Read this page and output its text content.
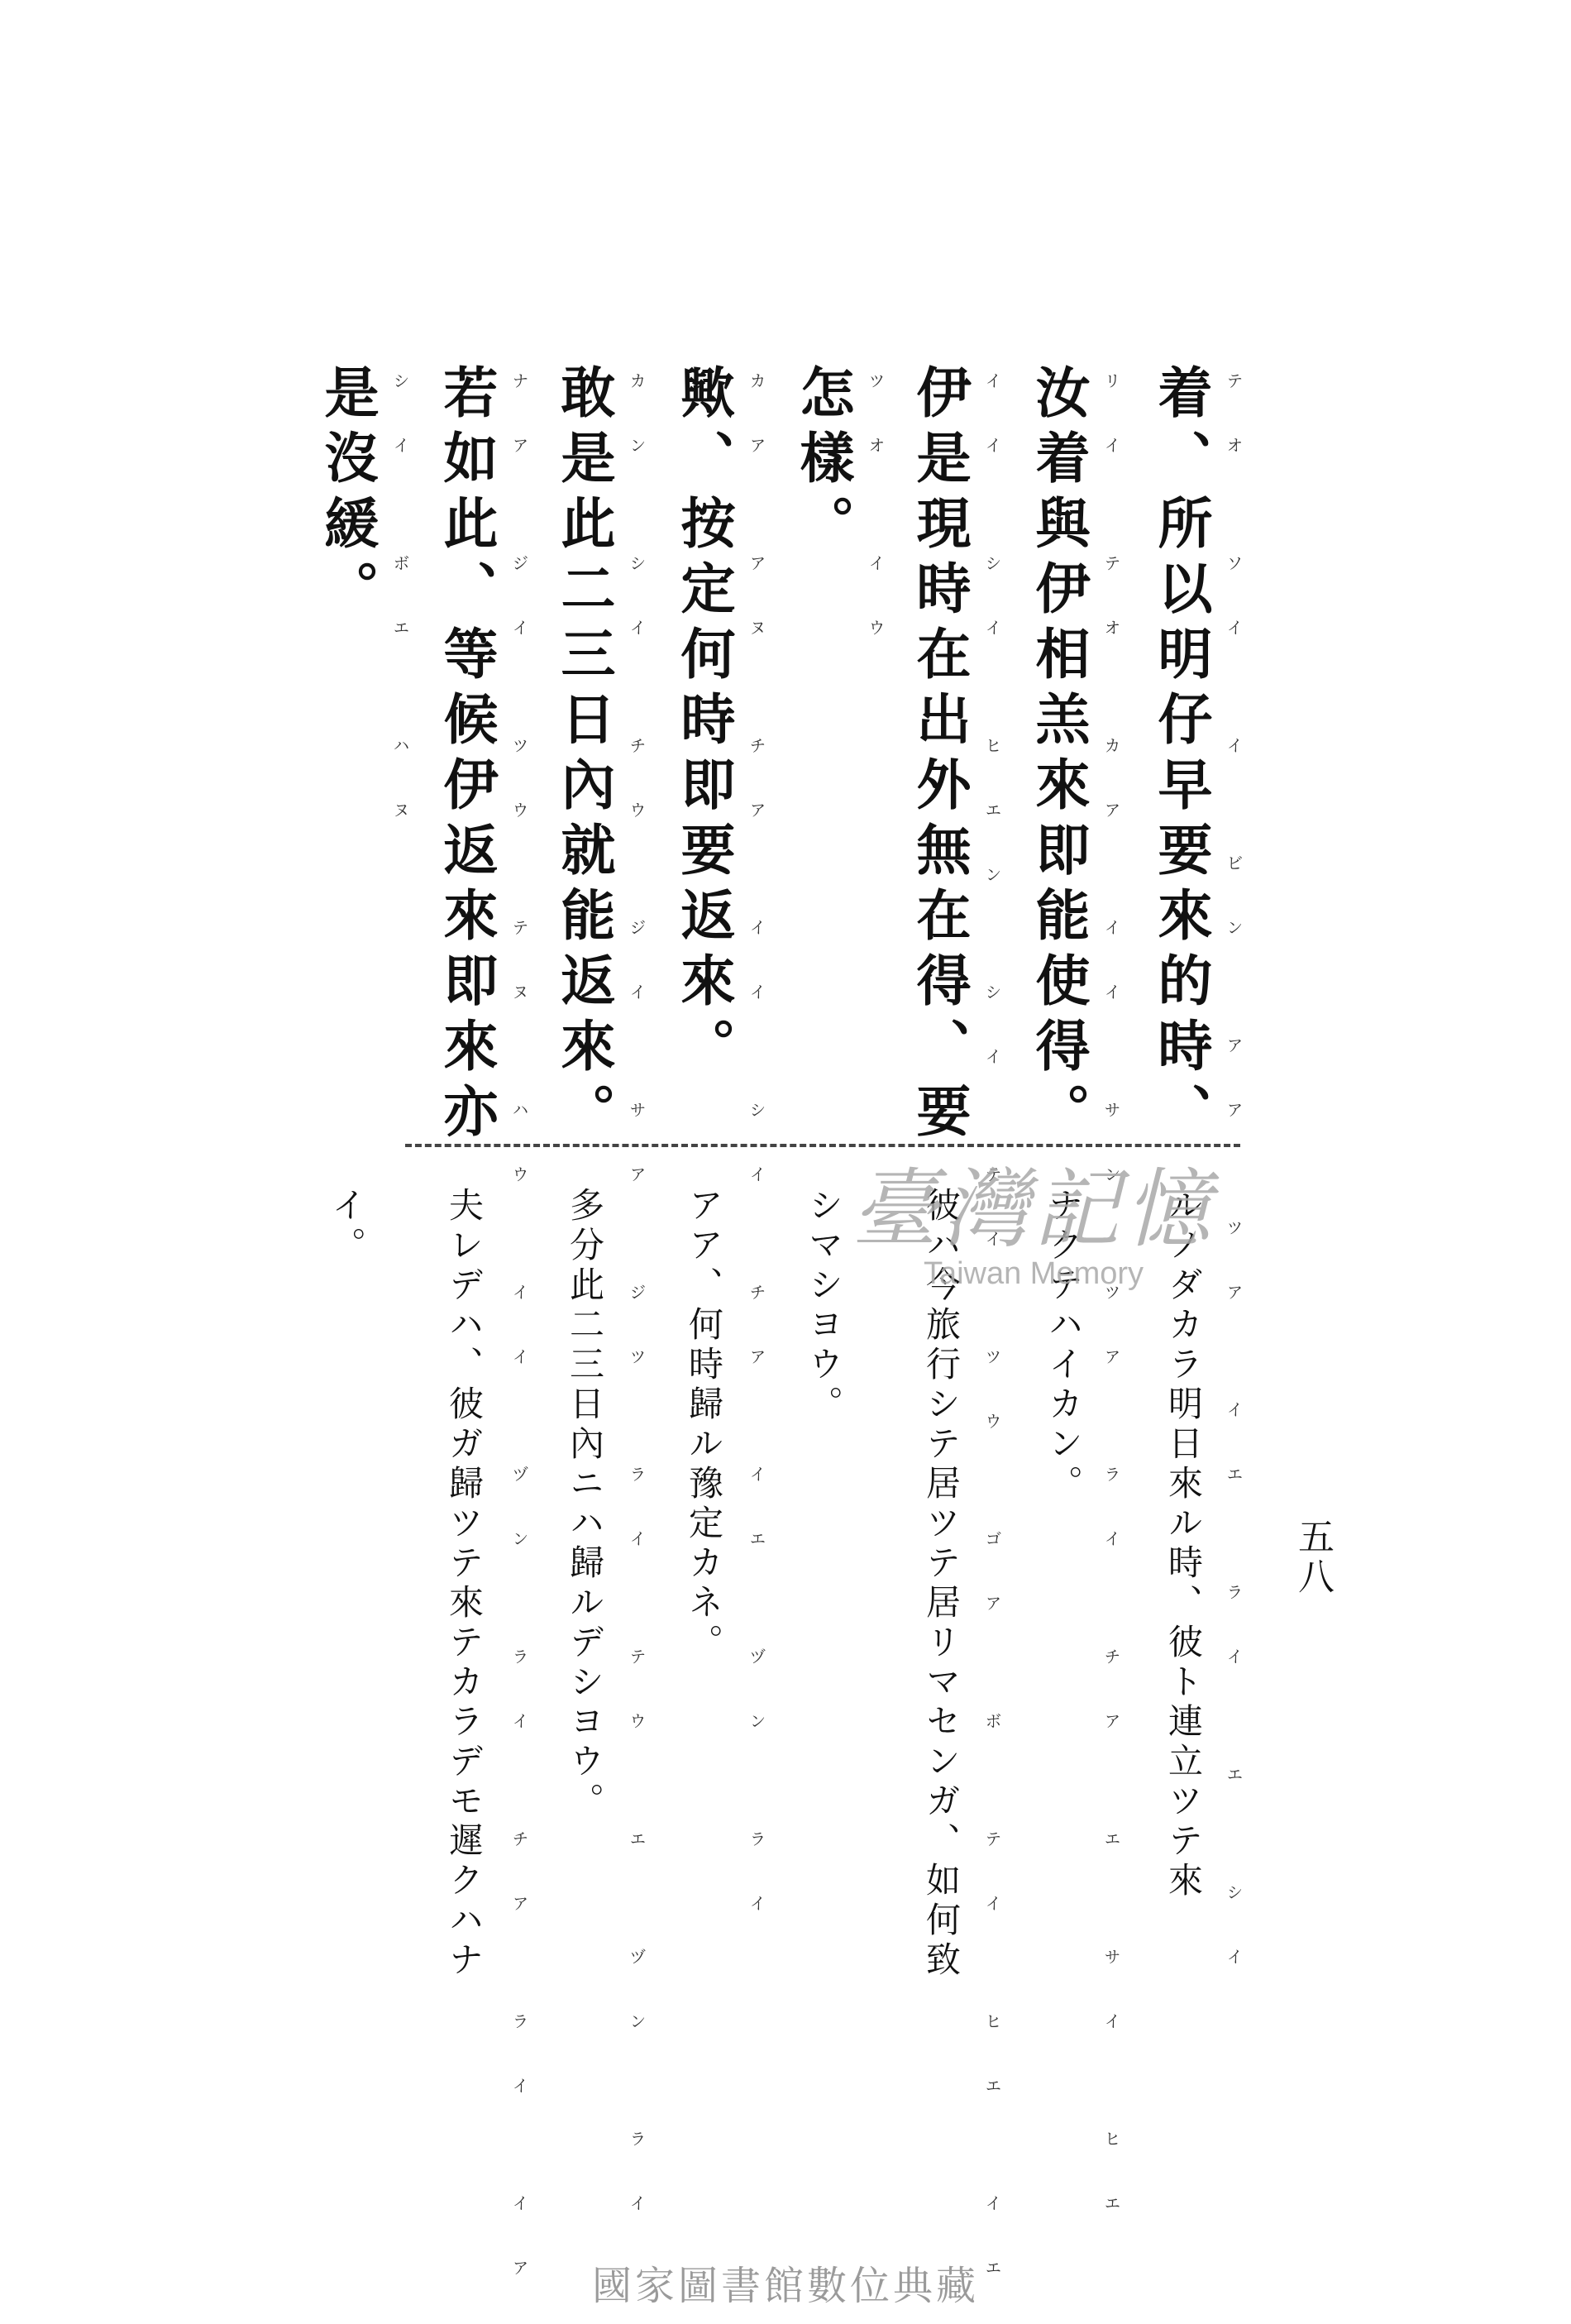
五八
着、所以明仔早要來的時、
汝着與伊相羔來即能使得。
伊是現時在出外無在得、要
怎樣。
歟、按定何時即要返來。
敢是此二三日內就能返來。
若如此、等候伊返來即來亦
是沒緩。	テオ ソイ イ ビン アア ツア イエ ライ エ シイ
リイ テオ カア イイ サン ツア ライ チア エ サイ ヒエ
イイ シイ ヒエン シイ テイ ツウ ゴア ボ テイ ヒエ イエ
ツオ イウ
カア アヌ チア イイ シイ チア イエ ヅン ライ
カン シイ チウ ジイ サア ジツ ライ テウ エ ヅン ライ
ナア ジイ ツウ テヌ ハウ イイ ヅン ライ チア ライ イア
シイ ボエ ハヌ
ルノダカラ明日來ル時、彼ト連立ツテ來
ナクテハイカン。
彼ハ今旅行シテ居ツテ居リマセンガ、如何致
シマシヨウ。
アア、何時歸ル豫定カネ。
多分此二三日內ニハ歸ルデシヨウ。
夫レデハ、彼ガ歸ツテ來テカラデモ遲クハナ
イ。	臺灣記憶
Taiwan Memory
國家圖書館數位典藏
